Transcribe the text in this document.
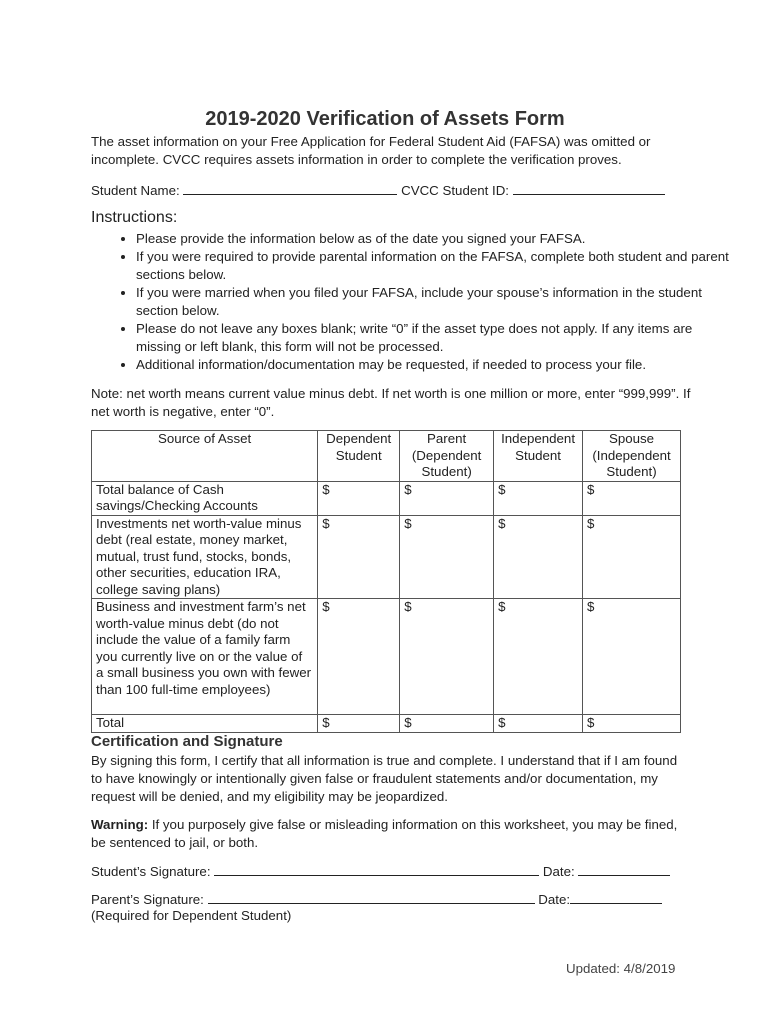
2019-2020 Verification of Assets Form
The asset information on your Free Application for Federal Student Aid (FAFSA) was omitted or incomplete. CVCC requires assets information in order to complete the verification proves.
Student Name:	CVCC Student ID:
Instructions:
• Please provide the information below as of the date you signed your FAFSA.
• If you were required to provide parental information on the FAFSA, complete both student and parent sections below.
• If you were married when you filed your FAFSA, include your spouse’s information in the student section below.
• Please do not leave any boxes blank; write “0” if the asset type does not apply. If any items are missing or left blank, this form will not be processed.
• Additional information/documentation may be requested, if needed to process your file.
Note: net worth means current value minus debt. If net worth is one million or more, enter “999,999”. If net worth is negative, enter “0”.
Source of Asset	Dependent Student	Parent (Dependent Student)	Independent Student	Spouse (Independent Student)
Total balance of Cash savings/Checking Accounts	$	$	$	$
Investments net worth-value minus debt (real estate, money market, mutual, trust fund, stocks, bonds, other securities, education IRA, college saving plans)	$	$	$	$
Business and investment farm’s net worth-value minus debt (do not include the value of a family farm you currently live on or the value of a small business you own with fewer than 100 full-time employees)	$	$	$	$
Total	$	$	$	$
Certification and Signature
By signing this form, I certify that all information is true and complete. I understand that if I am found to have knowingly or intentionally given false or fraudulent statements and/or documentation, my request will be denied, and my eligibility may be jeopardized.
Warning: If you purposely give false or misleading information on this worksheet, you may be fined, be sentenced to jail, or both.
Student’s Signature:	Date:
Parent’s Signature:	Date:
(Required for Dependent Student)
Updated: 4/8/2019
